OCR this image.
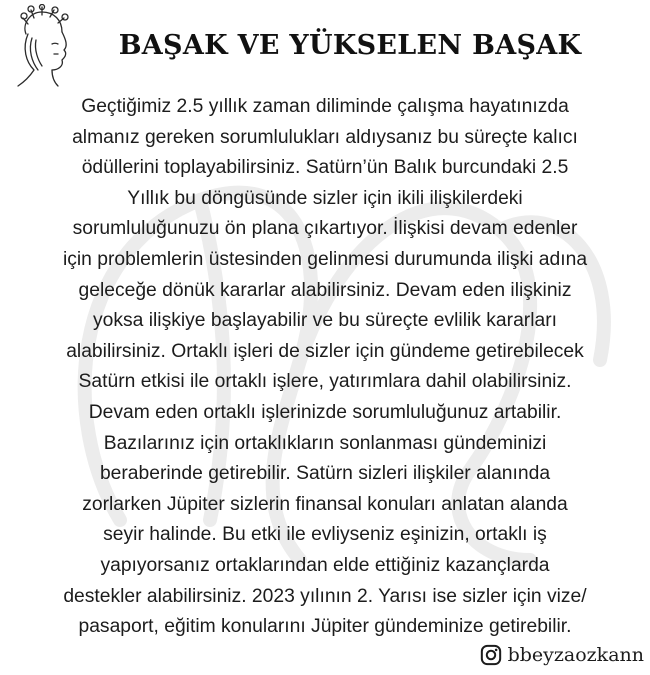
BAŞAK VE YÜKSELEN BAŞAK

Geçtiğimiz 2.5 yıllık zaman diliminde çalışma hayatınızda
almanız gereken sorumlulukları aldıysanız bu süreçte kalıcı
ödüllerini toplayabilirsiniz. Satürn’ün Balık burcundaki 2.5
Yıllık bu döngüsünde sizler için ikili ilişkilerdeki
sorumluluğunuzu ön plana çıkartıyor. İlişkisi devam edenler
için problemlerin üstesinden gelinmesi durumunda ilişki adına
geleceğe dönük kararlar alabilirsiniz. Devam eden ilişkiniz
yoksa ilişkiye başlayabilir ve bu süreçte evlilik kararları
alabilirsiniz. Ortaklı işleri de sizler için gündeme getirebilecek
Satürn etkisi ile ortaklı işlere, yatırımlara dahil olabilirsiniz.
Devam eden ortaklı işlerinizde sorumluluğunuz artabilir.
Bazılarınız için ortaklıkların sonlanması gündeminizi
beraberinde getirebilir. Satürn sizleri ilişkiler alanında
zorlarken Jüpiter sizlerin finansal konuları anlatan alanda
seyir halinde. Bu etki ile evliyseniz eşinizin, ortaklı iş
yapıyorsanız ortaklarından elde ettiğiniz kazançlarda
destekler alabilirsiniz. 2023 yılının 2. Yarısı ise sizler için vize/
pasaport, eğitim konularını Jüpiter gündeminize getirebilir.

bbeyzaozkann
